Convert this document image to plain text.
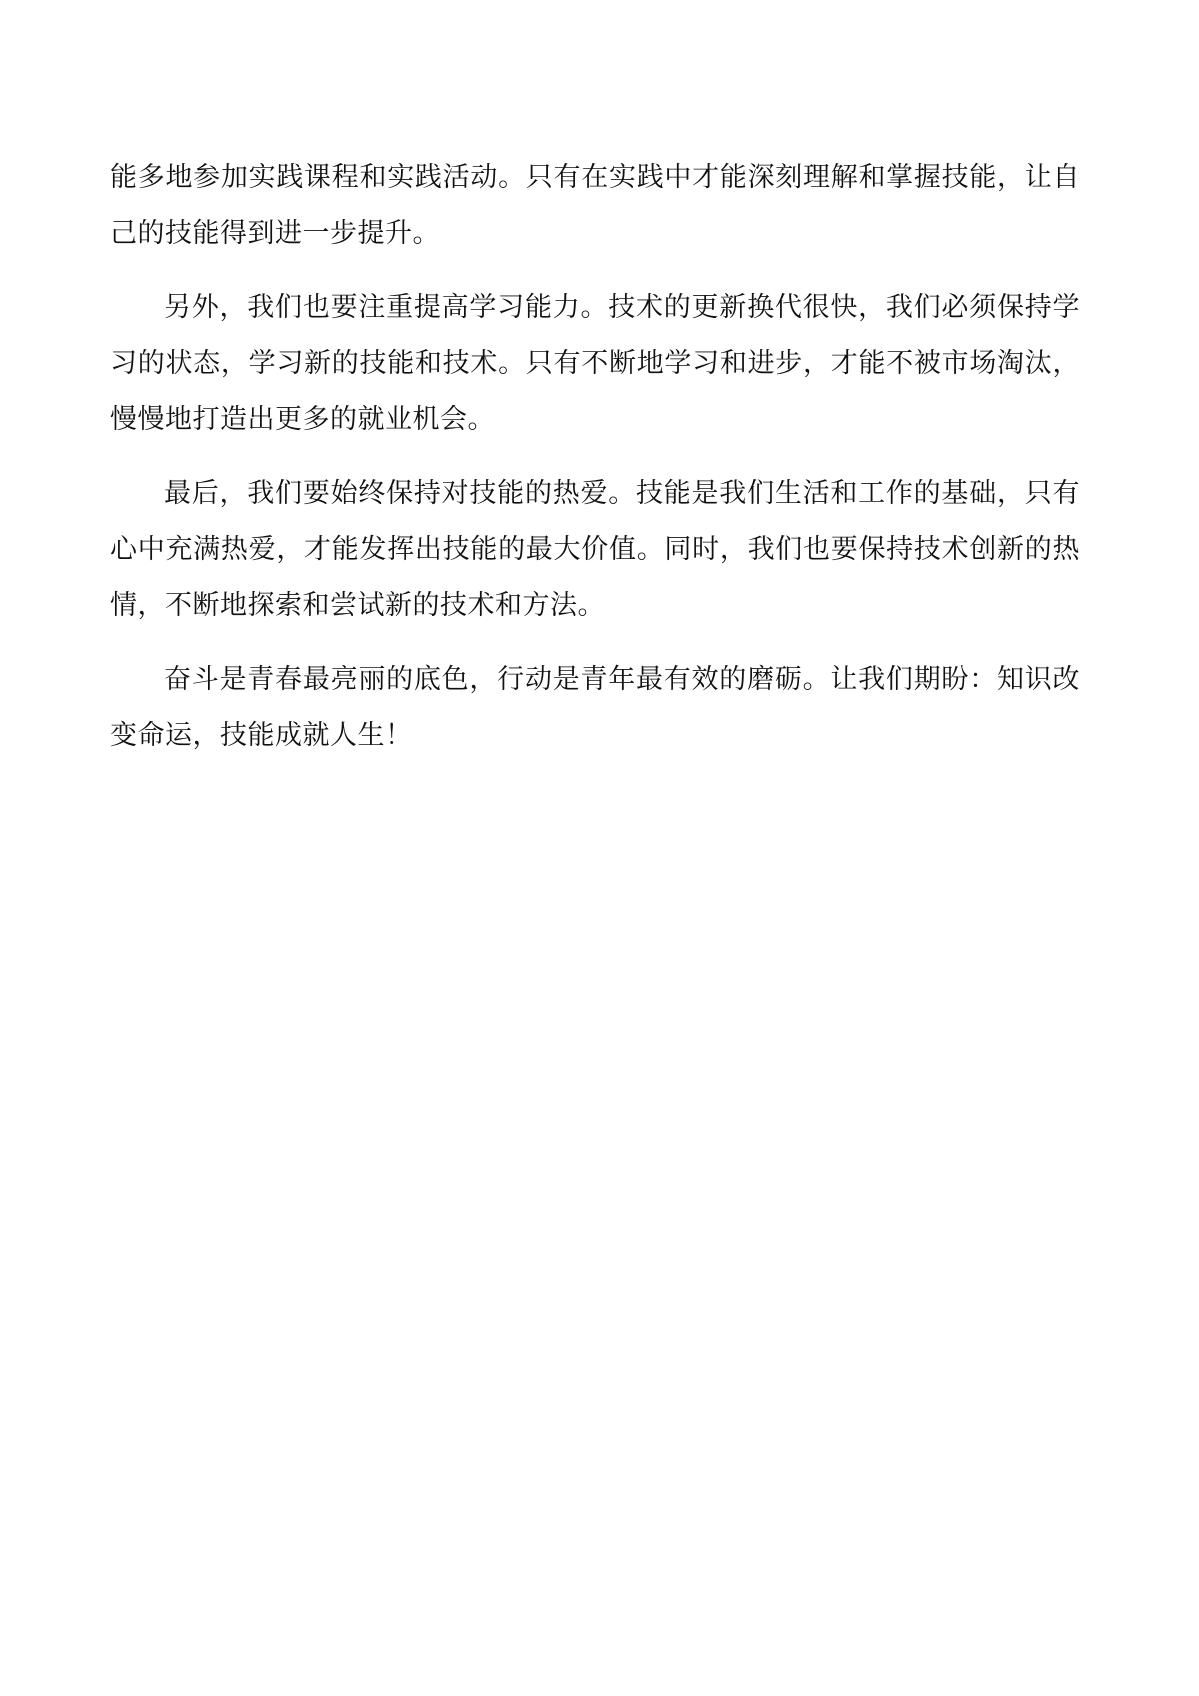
能多地参加实践课程和实践活动。只有在实践中才能深刻理解和掌握技能，让自己的技能得到进一步提升。

另外，我们也要注重提高学习能力。技术的更新换代很快，我们必须保持学习的状态，学习新的技能和技术。只有不断地学习和进步，才能不被市场淘汰，慢慢地打造出更多的就业机会。

最后，我们要始终保持对技能的热爱。技能是我们生活和工作的基础，只有心中充满热爱，才能发挥出技能的最大价值。同时，我们也要保持技术创新的热情，不断地探索和尝试新的技术和方法。

奋斗是青春最亮丽的底色，行动是青年最有效的磨砺。让我们期盼：知识改变命运，技能成就人生！
